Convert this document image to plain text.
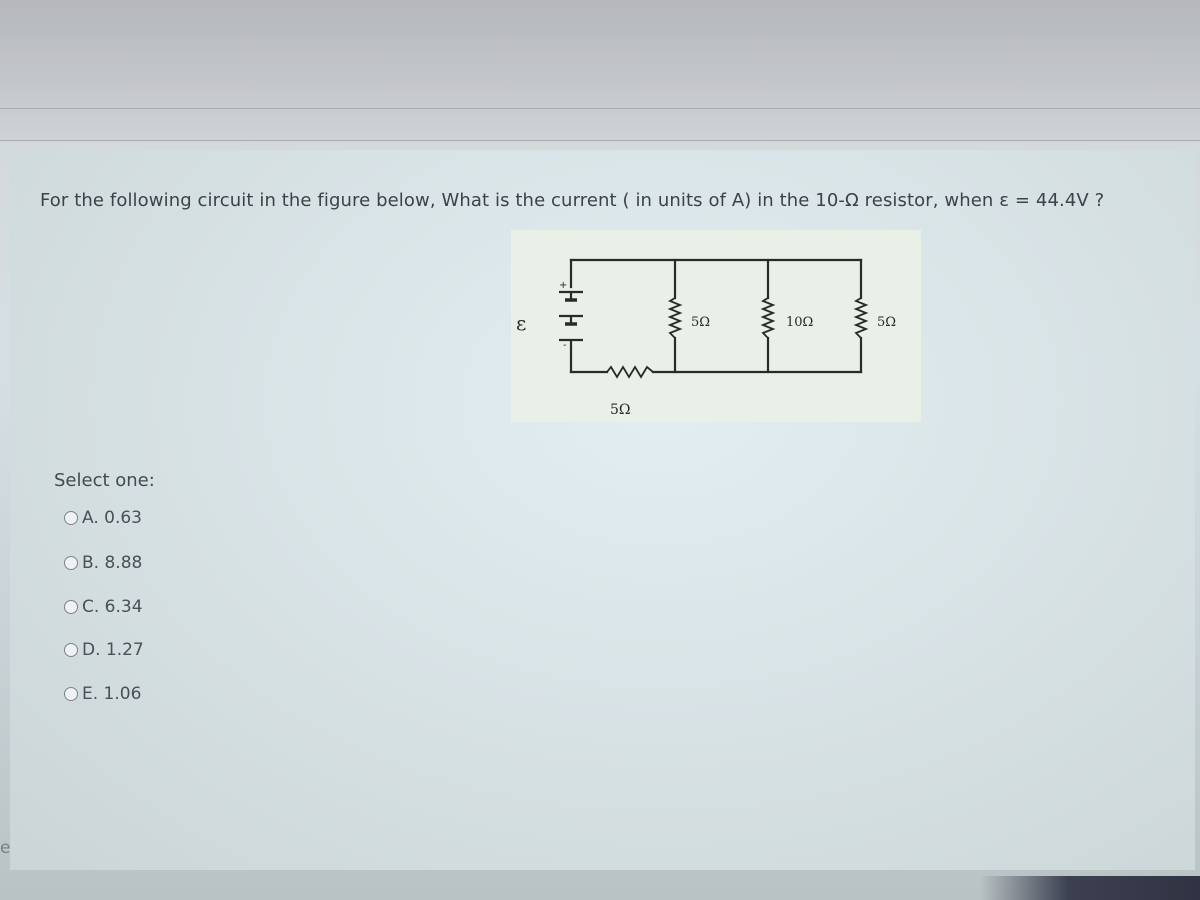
For the following circuit in the figure below, What is the current ( in units of A) in the 10-Ω resistor, when ε = 44.4V ?
ε
+
-
5Ω
5Ω	10Ω	5Ω
Select one:
A. 0.63
B. 8.88
C. 6.34
D. 1.27
E. 1.06
e
